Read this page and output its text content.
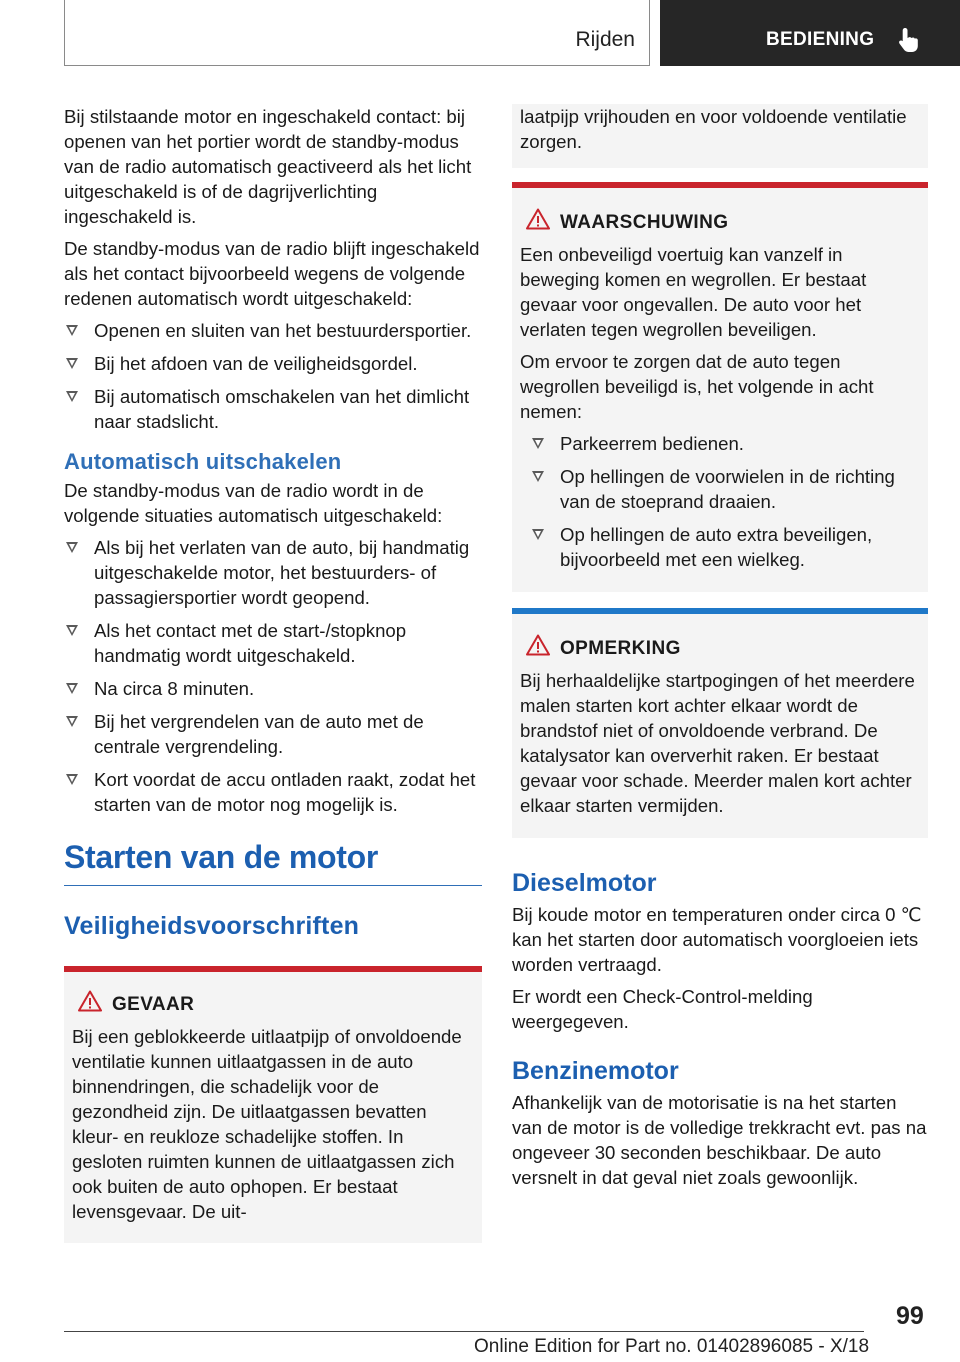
Rijden	BEDIENING

Bij stilstaande motor en ingeschakeld contact: bij openen van het portier wordt de standby-modus van de radio automatisch geactiveerd als het licht uitgeschakeld is of de dagrijverlichting ingeschakeld is.

De standby-modus van de radio blijft ingeschakeld als het contact bijvoorbeeld wegens de volgende redenen automatisch wordt uitgeschakeld:

Openen en sluiten van het bestuurdersportier.
Bij het afdoen van de veiligheidsgordel.
Bij automatisch omschakelen van het dimlicht naar stadslicht.
Automatisch uitschakelen

De standby-modus van de radio wordt in de volgende situaties automatisch uitgeschakeld:

Als bij het verlaten van de auto, bij handmatig uitgeschakelde motor, het bestuurders- of passagiersportier wordt geopend.
Als het contact met de start-/stopknop handmatig wordt uitgeschakeld.
Na circa 8 minuten.
Bij het vergrendelen van de auto met de centrale vergrendeling.
Kort voordat de accu ontladen raakt, zodat het starten van de motor nog mogelijk is.
Starten van de motor
Veiligheidsvoorschriften
GEVAAR

Bij een geblokkeerde uitlaatpijp of onvoldoende ventilatie kunnen uitlaatgassen in de auto binnendringen, die schadelijk voor de gezondheid zijn. De uitlaatgassen bevatten kleur- en reukloze schadelijke stoffen. In gesloten ruimten kunnen de uitlaatgassen zich ook buiten de auto ophopen. Er bestaat levensgevaar. De uit-

laatpijp vrijhouden en voor voldoende ventilatie zorgen.

WAARSCHUWING

Een onbeveiligd voertuig kan vanzelf in beweging komen en wegrollen. Er bestaat gevaar voor ongevallen. De auto voor het verlaten tegen wegrollen beveiligen.

Om ervoor te zorgen dat de auto tegen wegrollen beveiligd is, het volgende in acht nemen:

Parkeerrem bedienen.
Op hellingen de voorwielen in de richting van de stoeprand draaien.
Op hellingen de auto extra beveiligen, bijvoorbeeld met een wielkeg.
OPMERKING

Bij herhaaldelijke startpogingen of het meerdere malen starten kort achter elkaar wordt de brandstof niet of onvoldoende verbrand. De katalysator kan oververhit raken. Er bestaat gevaar voor schade. Meerder malen kort achter elkaar starten vermijden.

Dieselmotor

Bij koude motor en temperaturen onder circa 0 ℃ kan het starten door automatisch voorgloeien iets worden vertraagd.

Er wordt een Check-Control-melding weergegeven.

Benzinemotor

Afhankelijk van de motorisatie is na het starten van de motor is de volledige trekkracht evt. pas na ongeveer 30 seconden beschikbaar. De auto versnelt in dat geval niet zoals gewoonlijk.

99
Online Edition for Part no. 01402896085 - X/18
